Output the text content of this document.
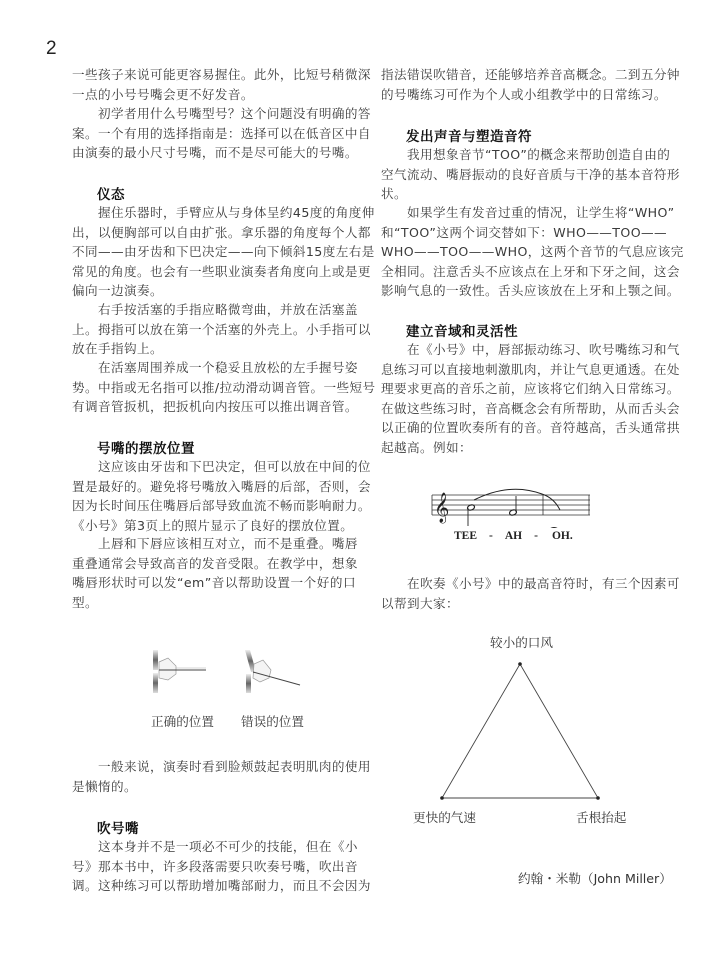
2
一些孩子来说可能更容易握住。此外，比短号稍微深
一点的小号号嘴会更不好发音。
初学者用什么号嘴型号？这个问题没有明确的答
案。一个有用的选择指南是：选择可以在低音区中自
由演奏的最小尺寸号嘴，而不是尽可能大的号嘴。
仪态
握住乐器时，手臂应从与身体呈约45度的角度伸
出，以便胸部可以自由扩张。拿乐器的角度每个人都
不同——由牙齿和下巴决定——向下倾斜15度左右是
常见的角度。也会有一些职业演奏者角度向上或是更
偏向一边演奏。
右手按活塞的手指应略微弯曲，并放在活塞盖
上。拇指可以放在第一个活塞的外壳上。小手指可以
放在手指钩上。
在活塞周围养成一个稳妥且放松的左手握号姿
势。中指或无名指可以推/拉动滑动调音管。一些短号
有调音管扳机，把扳机向内按压可以推出调音管。
号嘴的摆放位置
这应该由牙齿和下巴决定，但可以放在中间的位
置是最好的。避免将号嘴放入嘴唇的后部，否则，会
因为长时间压住嘴唇后部导致血流不畅而影响耐力。
《小号》第3页上的照片显示了良好的摆放位置。
上唇和下唇应该相互对立，而不是重叠。嘴唇
重叠通常会导致高音的发音受限。在教学中，想象
嘴唇形状时可以发“em”音以帮助设置一个好的口
型。
正确的位置 错误的位置
一般来说，演奏时看到脸颊鼓起表明肌肉的使用
是懒惰的。
吹号嘴
这本身并不是一项必不可少的技能，但在《小
号》那本书中，许多段落需要只吹奏号嘴，吹出音
调。这种练习可以帮助增加嘴部耐力，而且不会因为
指法错误吹错音，还能够培养音高概念。二到五分钟
的号嘴练习可作为个人或小组教学中的日常练习。
发出声音与塑造音符
我用想象音节“TOO”的概念来帮助创造自由的
空气流动、嘴唇振动的良好音质与干净的基本音符形
状。
如果学生有发音过重的情况，让学生将“WHO”
和“TOO”这两个词交替如下：WHO——TOO——
WHO——TOO——WHO，这两个音节的气息应该完
全相同。注意舌头不应该点在上牙和下牙之间，这会
影响气息的一致性。舌头应该放在上牙和上颚之间。
建立音域和灵活性
在《小号》中，唇部振动练习、吹号嘴练习和气
息练习可以直接地刺激肌肉，并让气息更通透。在处
理要求更高的音乐之前，应该将它们纳入日常练习。
在做这些练习时，音高概念会有所帮助，从而舌头会
以正确的位置吹奏所有的音。音符越高，舌头通常拱
起越高。例如：
𝄞
TEE - AH - OH.
在吹奏《小号》中的最高音符时，有三个因素可
以帮到大家：
较小的口风
更快的气速	舌根抬起
约翰・米勒（John Miller）
